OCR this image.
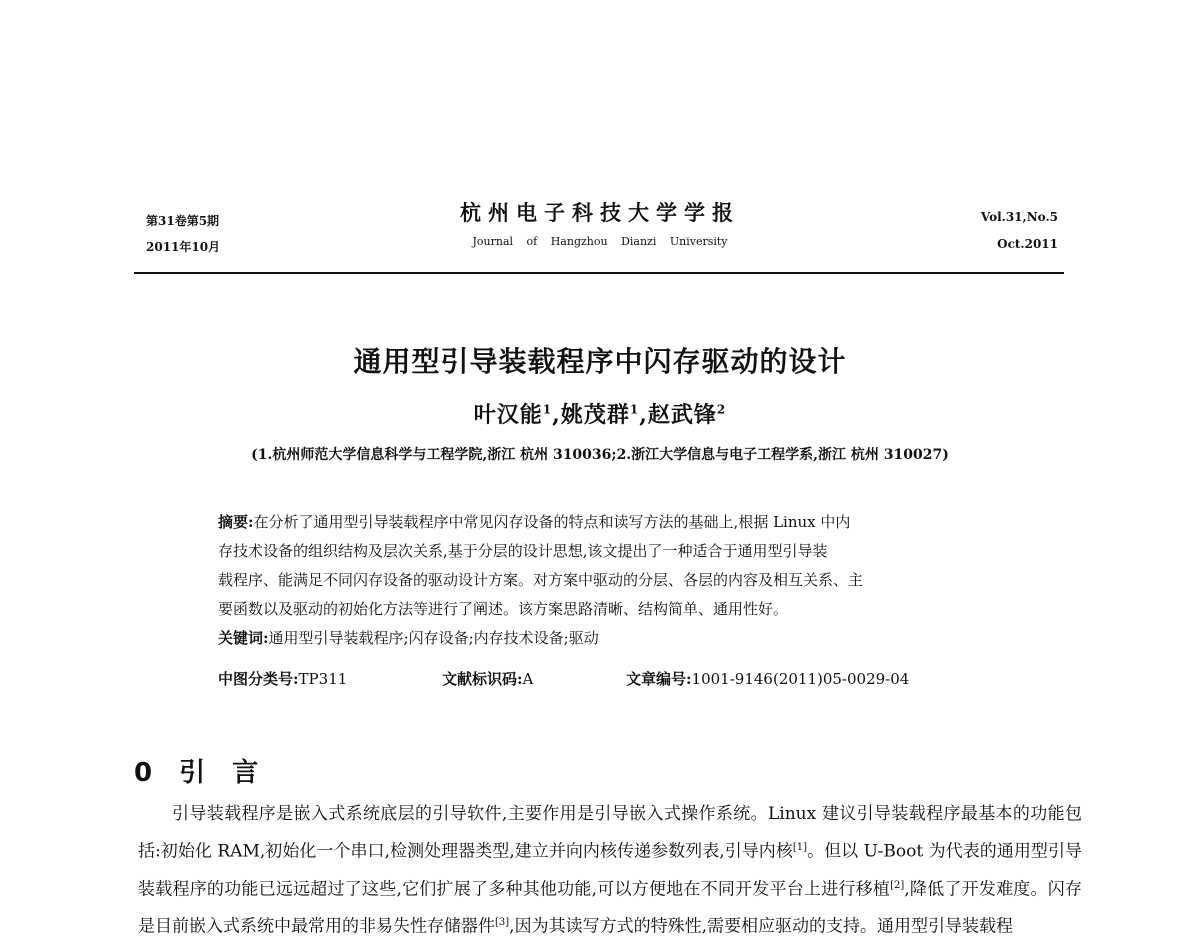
第31卷第5期
2011年10月
杭州电子科技大学学报
Journal of Hangzhou Dianzi University
Vol.31,No.5
Oct.2011
通用型引导装载程序中闪存驱动的设计
叶汉能$^1$,姚茂群$^1$,赵武锋$^2$
(1.杭州师范大学信息科学与工程学院,浙江 杭州 310036;2.浙江大学信息与电子工程学系,浙江 杭州 310027)
摘要:在分析了通用型引导装载程序中常见闪存设备的特点和读写方法的基础上,根据 Linux 中内
存技术设备的组织结构及层次关系,基于分层的设计思想,该文提出了一种适合于通用型引导装
载程序、能满足不同闪存设备的驱动设计方案。对方案中驱动的分层、各层的内容及相互关系、主
要函数以及驱动的初始化方法等进行了阐述。该方案思路清晰、结构简单、通用性好。
关键词:通用型引导装载程序;闪存设备;内存技术设备;驱动
中图分类号:TP311	文献标识码:A	文章编号:1001-9146(2011)05-0029-04
0 引 言
引导装载程序是嵌入式系统底层的引导软件,主要作用是引导嵌入式操作系统。Linux 建议引导装载程序最基本的功能包括:初始化 RAM,初始化一个串口,检测处理器类型,建立并向内核传递参数列表,引导内核[1]。但以 U-Boot 为代表的通用型引导装载程序的功能已远远超过了这些,它们扩展了多种其他功能,可以方便地在不同开发平台上进行移植[2],降低了开发难度。闪存是目前嵌入式系统中最常用的非易失性存储器件[3],因为其读写方式的特殊性,需要相应驱动的支持。通用型引导装载程
